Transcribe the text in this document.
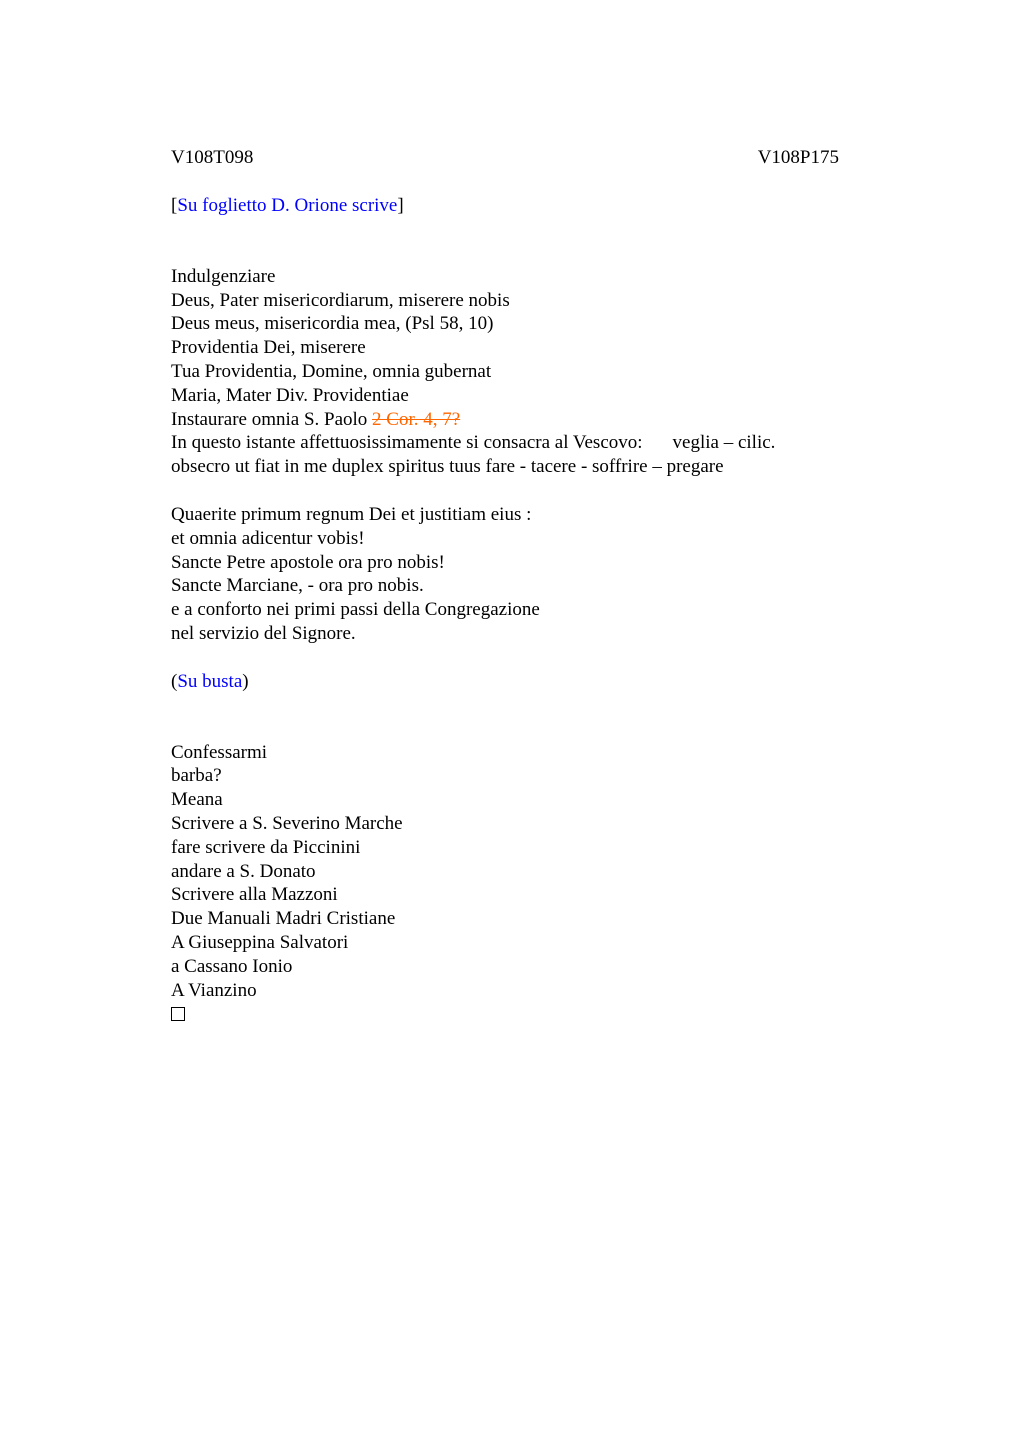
V108T098	V108P175
[Su foglietto D. Orione scrive]
Indulgenziare
Deus, Pater misericordiarum, miserere nobis
Deus meus, misericordia mea, (Psl 58, 10)
Providentia Dei, miserere
Tua Providentia, Domine, omnia gubernat
Maria, Mater Div. Providentiae
Instaurare omnia S. Paolo 2 Cor. 4, 7?
In questo istante affettuosissimamente si consacra al Vescovo: veglia – cilic.
obsecro ut fiat in me duplex spiritus tuus fare - tacere - soffrire – pregare
Quaerite primum regnum Dei et justitiam eius :
et omnia adicentur vobis!
Sancte Petre apostole ora pro nobis!
Sancte Marciane, - ora pro nobis.
e a conforto nei primi passi della Congregazione
nel servizio del Signore.
(Su busta)
Confessarmi
barba?
Meana
Scrivere a S. Severino Marche
fare scrivere da Piccinini
andare a S. Donato
Scrivere alla Mazzoni
Due Manuali Madri Cristiane
A Giuseppina Salvatori
a Cassano Ionio
A Vianzino
